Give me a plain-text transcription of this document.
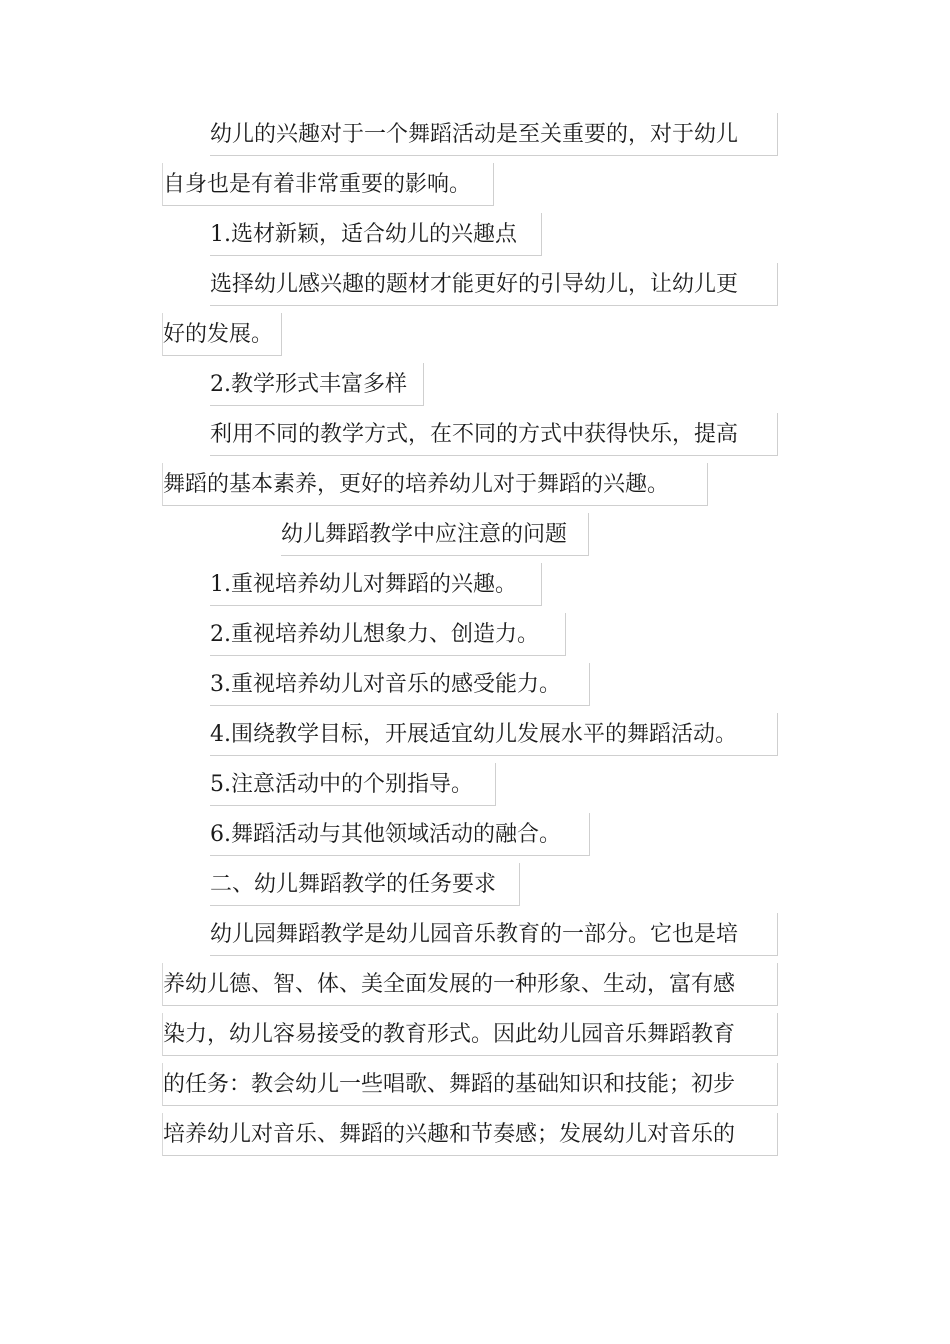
幼儿的兴趣对于一个舞蹈活动是至关重要的，对于幼儿
自身也是有着非常重要的影响。
1.选材新颖，适合幼儿的兴趣点
选择幼儿感兴趣的题材才能更好的引导幼儿，让幼儿更
好的发展。
2.教学形式丰富多样
利用不同的教学方式，在不同的方式中获得快乐，提高
舞蹈的基本素养，更好的培养幼儿对于舞蹈的兴趣。
幼儿舞蹈教学中应注意的问题
1.重视培养幼儿对舞蹈的兴趣。
2.重视培养幼儿想象力、创造力。
3.重视培养幼儿对音乐的感受能力。
4.围绕教学目标，开展适宜幼儿发展水平的舞蹈活动。
5.注意活动中的个别指导。
6.舞蹈活动与其他领域活动的融合。
二、幼儿舞蹈教学的任务要求
幼儿园舞蹈教学是幼儿园音乐教育的一部分。它也是培
养幼儿德、智、体、美全面发展的一种形象、生动，富有感
染力，幼儿容易接受的教育形式。因此幼儿园音乐舞蹈教育
的任务：教会幼儿一些唱歌、舞蹈的基础知识和技能；初步
培养幼儿对音乐、舞蹈的兴趣和节奏感；发展幼儿对音乐的
